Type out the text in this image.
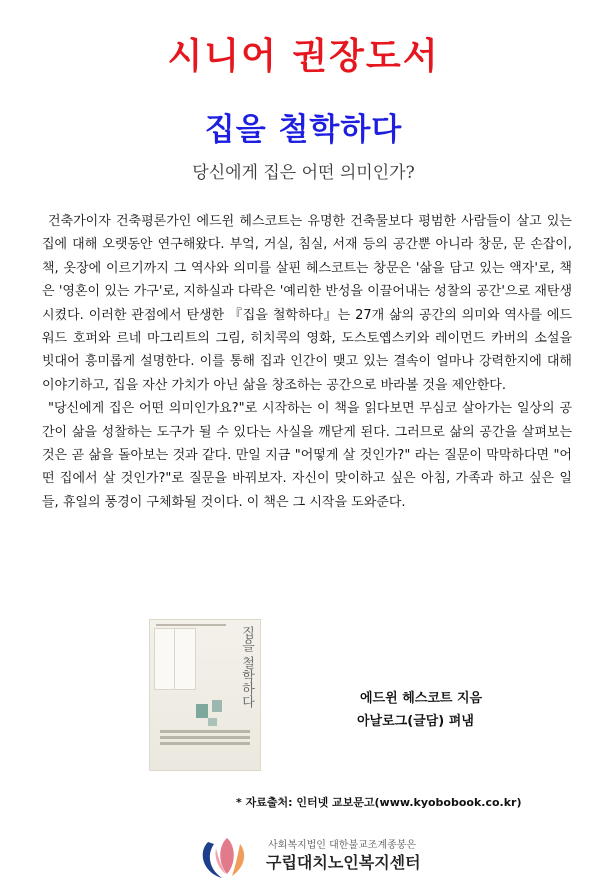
시니어 권장도서
집을 철학하다
당신에게 집은 어떤 의미인가?

건축가이자 건축평론가인 에드윈 헤스코트는 유명한 건축물보다 평범한 사람들이 살고 있는 집에 대해 오랫동안 연구해왔다. 부엌, 거실, 침실, 서재 등의 공간뿐 아니라 창문, 문 손잡이, 책, 옷장에 이르기까지 그 역사와 의미를 살핀 헤스코트는 창문은 '삶을 담고 있는 액자'로, 책은 '영혼이 있는 가구'로, 지하실과 다락은 '예리한 반성을 이끌어내는 성찰의 공간'으로 재탄생시켰다. 이러한 관점에서 탄생한 『집을 철학하다』는 27개 삶의 공간의 의미와 역사를 에드워드 호퍼와 르네 마그리트의 그림, 히치콕의 영화, 도스토옙스키와 레이먼드 카버의 소설을 빗대어 흥미롭게 설명한다. 이를 통해 집과 인간이 맺고 있는 결속이 얼마나 강력한지에 대해 이야기하고, 집을 자산 가치가 아닌 삶을 창조하는 공간으로 바라볼 것을 제안한다.

"당신에게 집은 어떤 의미인가요?"로 시작하는 이 책을 읽다보면 무심코 살아가는 일상의 공간이 삶을 성찰하는 도구가 될 수 있다는 사실을 깨닫게 된다. 그러므로 삶의 공간을 살펴보는 것은 곧 삶을 돌아보는 것과 같다. 만일 지금 "어떻게 살 것인가?" 라는 질문이 막막하다면 "어떤 집에서 살 것인가?"로 질문을 바꿔보자. 자신이 맞이하고 싶은 아침, 가족과 하고 싶은 일들, 휴일의 풍경이 구체화될 것이다. 이 책은 그 시작을 도와준다.

집을 철학하다	에드윈 헤스코트 지음
아날로그(글담) 펴냄
* 자료출처: 인터넷 교보문고(www.kyobobook.co.kr)
사회복지법인 대한불교조계종봉은
구립대치노인복지센터
